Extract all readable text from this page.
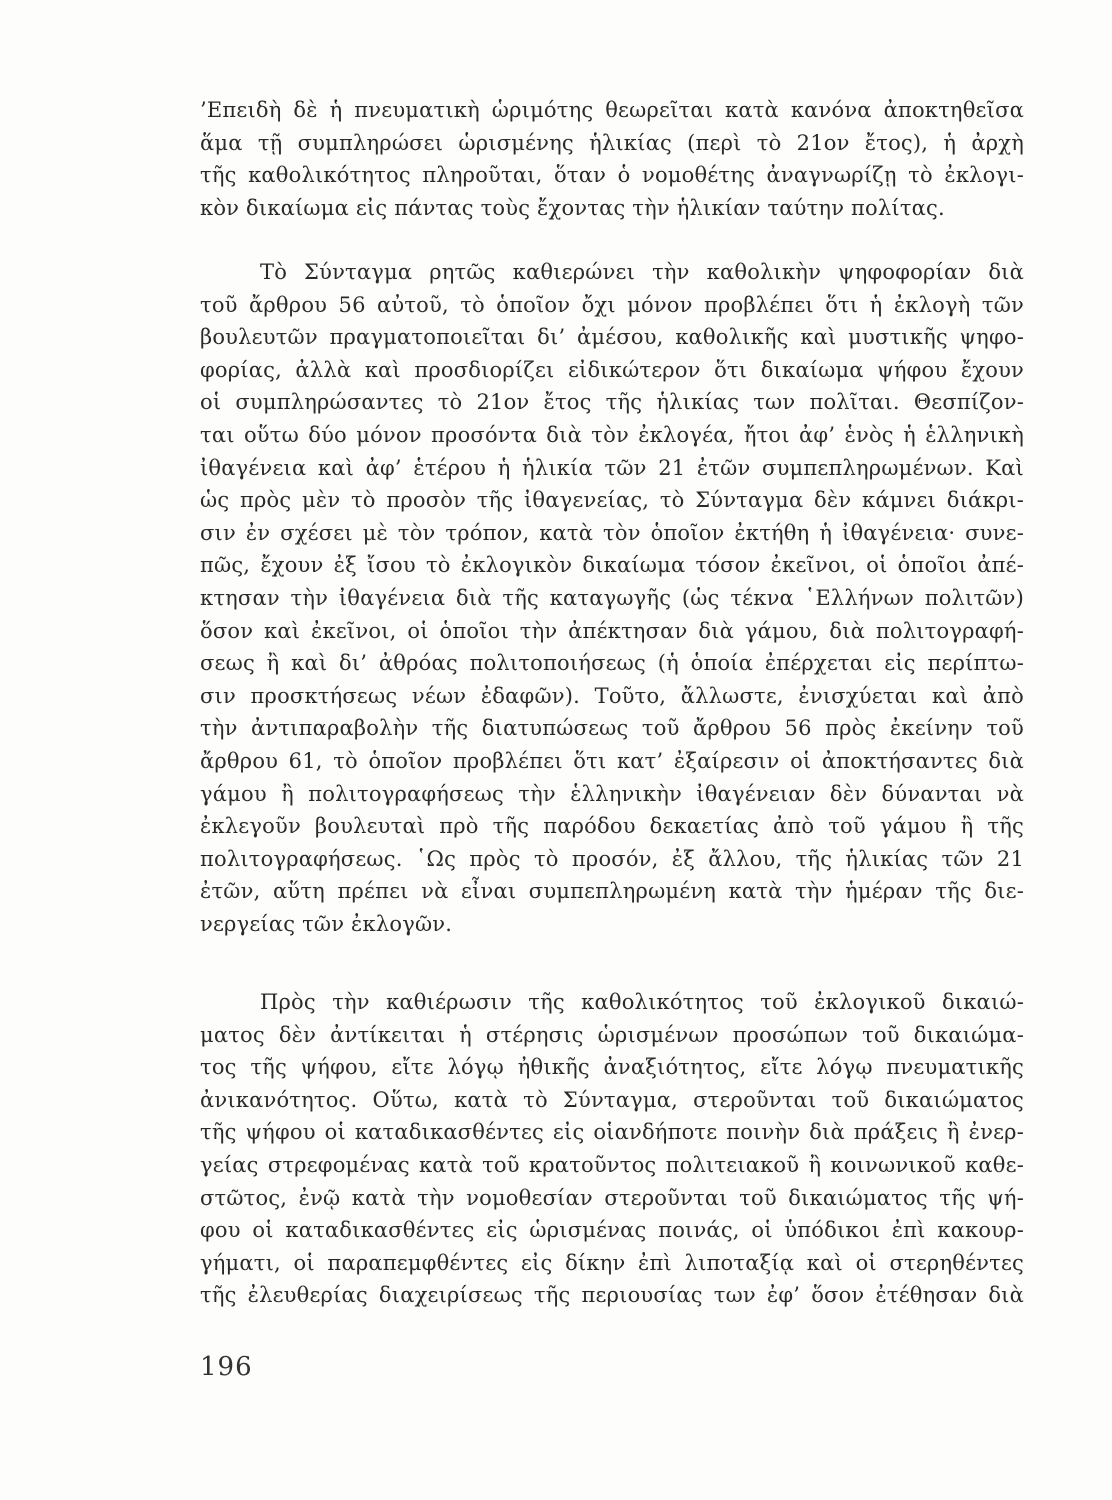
’Επειδὴ δὲ ἡ πνευματικὴ ὡριμότης θεωρεῖται κατὰ κανόνα ἀποκτηθεῖσα
ἅμα τῇ συμπληρώσει ὡρισμένης ἡλικίας (περὶ τὸ 21ον ἔτος), ἡ ἀρχὴ
τῆς καθολικότητος πληροῦται, ὅταν ὁ νομοθέτης ἀναγνωρίζῃ τὸ ἐκλογι-
κὸν δικαίωμα εἰς πάντας τοὺς ἔχοντας τὴν ἡλικίαν ταύτην πολίτας.
Τὸ Σύνταγμα ρητῶς καθιερώνει τὴν καθολικὴν ψηφοφορίαν διὰ
τοῦ ἄρθρου 56 αὐτοῦ, τὸ ὁποῖον ὄχι μόνον προβλέπει ὅτι ἡ ἐκλογὴ τῶν
βουλευτῶν πραγματοποιεῖται δι’ ἀμέσου, καθολικῆς καὶ μυστικῆς ψηφο-
φορίας, ἀλλὰ καὶ προσδιορίζει εἰδικώτερον ὅτι δικαίωμα ψήφου ἔχουν
οἱ συμπληρώσαντες τὸ 21ον ἔτος τῆς ἡλικίας των πολῖται. Θεσπίζον-
ται οὕτω δύο μόνον προσόντα διὰ τὸν ἐκλογέα, ἤτοι ἀφ’ ἑνὸς ἡ ἑλληνικὴ
ἰθαγένεια καὶ ἀφ’ ἑτέρου ἡ ἡλικία τῶν 21 ἐτῶν συμπεπληρωμένων. Καὶ
ὡς πρὸς μὲν τὸ προσὸν τῆς ἰθαγενείας, τὸ Σύνταγμα δὲν κάμνει διάκρι-
σιν ἐν σχέσει μὲ τὸν τρόπον, κατὰ τὸν ὁποῖον ἐκτήθη ἡ ἰθαγένεια· συνε-
πῶς, ἔχουν ἐξ ἴσου τὸ ἐκλογικὸν δικαίωμα τόσον ἐκεῖνοι, οἱ ὁποῖοι ἀπέ-
κτησαν τὴν ἰθαγένεια διὰ τῆς καταγωγῆς (ὡς τέκνα ῾Ελλήνων πολιτῶν)
ὅσον καὶ ἐκεῖνοι, οἱ ὁποῖοι τὴν ἀπέκτησαν διὰ γάμου, διὰ πολιτογραφή-
σεως ἢ καὶ δι’ ἀθρόας πολιτοποιήσεως (ἡ ὁποία ἐπέρχεται εἰς περίπτω-
σιν προσκτήσεως νέων ἐδαφῶν). Τοῦτο, ἄλλωστε, ἐνισχύεται καὶ ἀπὸ
τὴν ἀντιπαραβολὴν τῆς διατυπώσεως τοῦ ἄρθρου 56 πρὸς ἐκείνην τοῦ
ἄρθρου 61, τὸ ὁποῖον προβλέπει ὅτι κατ’ ἐξαίρεσιν οἱ ἀποκτήσαντες διὰ
γάμου ἢ πολιτογραφήσεως τὴν ἑλληνικὴν ἰθαγένειαν δὲν δύνανται νὰ
ἐκλεγοῦν βουλευταὶ πρὸ τῆς παρόδου δεκαετίας ἀπὸ τοῦ γάμου ἢ τῆς
πολιτογραφήσεως. ῾Ως πρὸς τὸ προσόν, ἐξ ἄλλου, τῆς ἡλικίας τῶν 21
ἐτῶν, αὕτη πρέπει νὰ εἶναι συμπεπληρωμένη κατὰ τὴν ἡμέραν τῆς διε-
νεργείας τῶν ἐκλογῶν.
Πρὸς τὴν καθιέρωσιν τῆς καθολικότητος τοῦ ἐκλογικοῦ δικαιώ-
ματος δὲν ἀντίκειται ἡ στέρησις ὡρισμένων προσώπων τοῦ δικαιώμα-
τος τῆς ψήφου, εἴτε λόγῳ ἠθικῆς ἀναξιότητος, εἴτε λόγῳ πνευματικῆς
ἀνικανότητος. Οὕτω, κατὰ τὸ Σύνταγμα, στεροῦνται τοῦ δικαιώματος
τῆς ψήφου οἱ καταδικασθέντες εἰς οἱανδήποτε ποινὴν διὰ πράξεις ἢ ἐνερ-
γείας στρεφομένας κατὰ τοῦ κρατοῦντος πολιτειακοῦ ἢ κοινωνικοῦ καθε-
στῶτος, ἐνῷ κατὰ τὴν νομοθεσίαν στεροῦνται τοῦ δικαιώματος τῆς ψή-
φου οἱ καταδικασθέντες εἰς ὡρισμένας ποινάς, οἱ ὑπόδικοι ἐπὶ κακουρ-
γήματι, οἱ παραπεμφθέντες εἰς δίκην ἐπὶ λιποταξίᾳ καὶ οἱ στερηθέντες
τῆς ἐλευθερίας διαχειρίσεως τῆς περιουσίας των ἐφ’ ὅσον ἐτέθησαν διὰ
196
